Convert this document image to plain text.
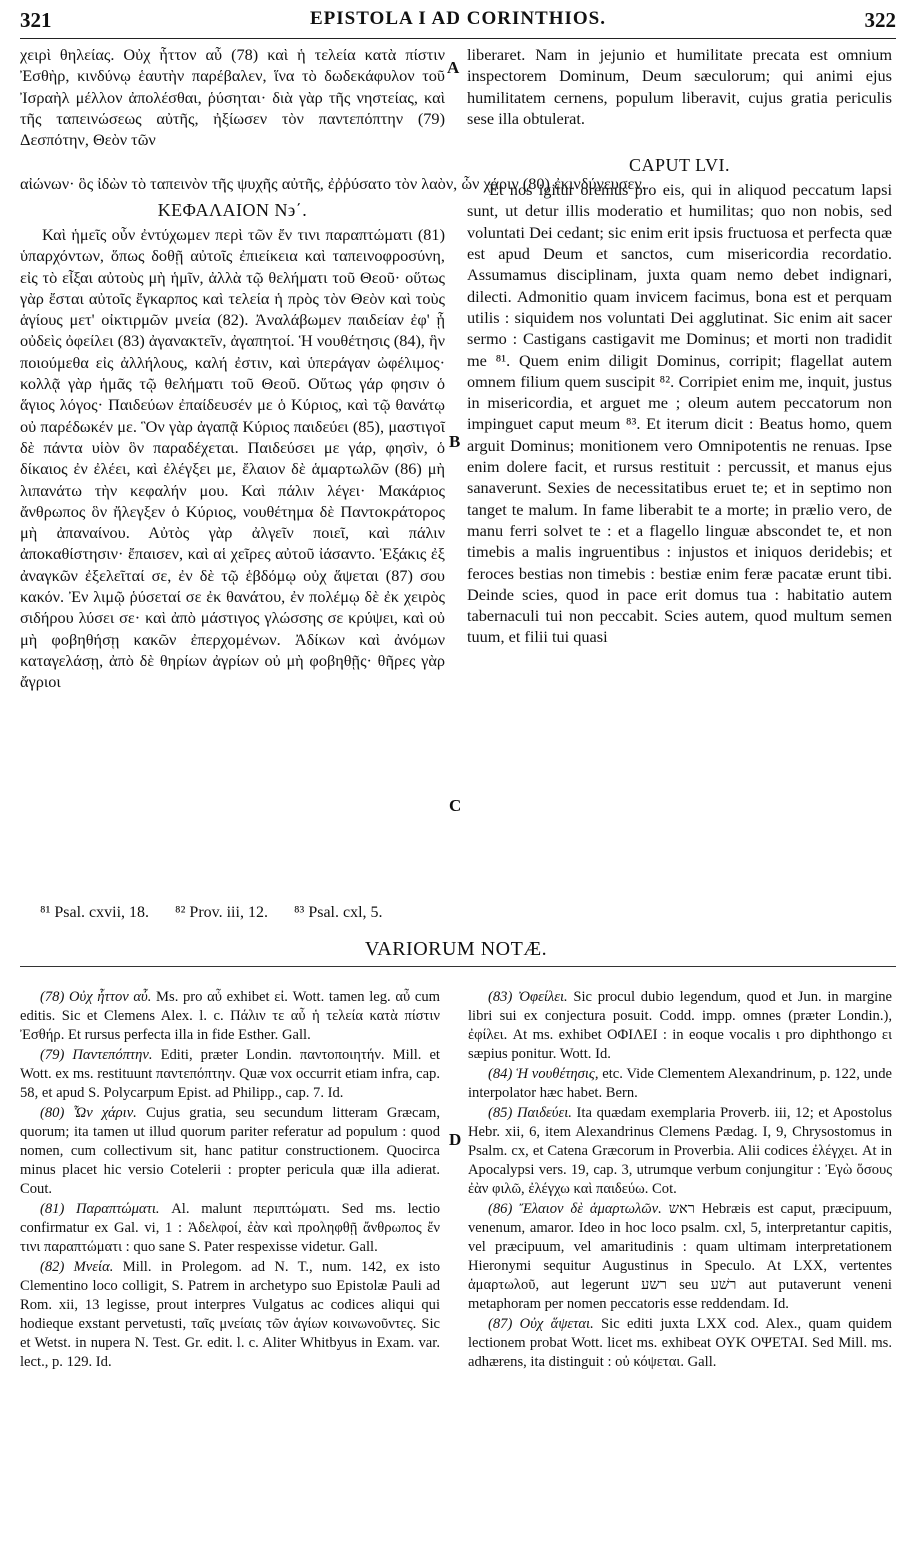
321	EPISTOLA I AD CORINTHIOS.	322

χειρὶ θηλείας. Οὐχ ἧττον αὖ (78) καὶ ἡ τελεία κατὰ πίστιν Ἐσθὴρ, κινδύνῳ ἑαυτὴν παρέβαλεν, ἵνα τὸ δωδεκάφυλον τοῦ Ἰσραὴλ μέλλον ἀπολέσθαι, ῥύσηται· διὰ γὰρ τῆς νηστείας, καὶ τῆς ταπεινώσεως αὐτῆς, ἠξίωσεν τὸν παντεπόπτην (79) Δεσπότην, Θεὸν τῶν

αἰώνων· ὃς ἰδὼν τὸ ταπεινὸν τῆς ψυχῆς αὐτῆς, ἐῤῥύσατο τὸν λαὸν, ὧν χάριν (80) ἐκινδύνευσεν.
ΚΕΦΑΛΑΙΟΝ Ν϶΄.

Καὶ ἡμεῖς οὖν ἐντύχωμεν περὶ τῶν ἔν τινι παραπτώματι (81) ὑπαρχόντων, ὅπως δοθῇ αὐτοῖς ἐπιείκεια καὶ ταπεινοφροσύνη, εἰς τὸ εἶξαι αὐτοὺς μὴ ἡμῖν, ἀλλὰ τῷ θελήματι τοῦ Θεοῦ· οὕτως γὰρ ἔσται αὐτοῖς ἔγκαρπος καὶ τελεία ἡ πρὸς τὸν Θεὸν καὶ τοὺς ἁγίους μετ' οἰκτιρμῶν μνεία (82). Ἀναλάβωμεν παιδείαν ἐφ' ᾗ οὐδεὶς ὀφείλει (83) ἀγανακτεῖν, ἀγαπητοί. Ἡ νουθέτησις (84), ἣν ποιούμεθα εἰς ἀλλήλους, καλή ἐστιν, καὶ ὑπεράγαν ὠφέλιμος· κολλᾷ γὰρ ἡμᾶς τῷ θελήματι τοῦ Θεοῦ. Οὕτως γάρ φησιν ὁ ἅγιος λόγος· Παιδεύων ἐπαίδευσέν με ὁ Κύριος, καὶ τῷ θανάτῳ οὐ παρέδωκέν με. Ὃν γὰρ ἀγαπᾷ Κύριος παιδεύει (85), μαστιγοῖ δὲ πάντα υἱὸν ὃν παραδέχεται. Παιδεύσει με γάρ, φησὶν, ὁ δίκαιος ἐν ἐλέει, καὶ ἐλέγξει με, ἔλαιον δὲ ἁμαρτωλῶν (86) μὴ λιπανάτω τὴν κεφαλήν μου. Καὶ πάλιν λέγει· Μακάριος ἄνθρωπος ὃν ἤλεγξεν ὁ Κύριος, νουθέτημα δὲ Παντοκράτορος μὴ ἀπαναίνου. Αὐτὸς γὰρ ἀλγεῖν ποιεῖ, καὶ πάλιν ἀποκαθίστησιν· ἔπαισεν, καὶ αἱ χεῖρες αὐτοῦ ἰάσαντο. Ἑξάκις ἐξ ἀναγκῶν ἐξελεῖταί σε, ἐν δὲ τῷ ἑβδόμῳ οὐχ ἅψεται (87) σου κακόν. Ἐν λιμῷ ῥύσεταί σε ἐκ θανάτου, ἐν πολέμῳ δὲ ἐκ χειρὸς σιδήρου λύσει σε· καὶ ἀπὸ μάστιγος γλώσσης σε κρύψει, καὶ οὐ μὴ φοβηθήσῃ κακῶν ἐπερχομένων. Ἀδίκων καὶ ἀνόμων καταγελάσῃ, ἀπὸ δὲ θηρίων ἀγρίων οὐ μὴ φοβηθῇς· θῆρες γὰρ ἄγριοι

liberaret. Nam in jejunio et humilitate precata est omnium inspectorem Dominum, Deum sæculorum; qui animi ejus humilitatem cernens, populum liberavit, cujus gratia periculis sese illa obtulerat.

CAPUT LVI.

Et nos igitur oremus pro eis, qui in aliquod peccatum lapsi sunt, ut detur illis moderatio et humilitas; quo non nobis, sed voluntati Dei cedant; sic enim erit ipsis fructuosa et perfecta quæ est apud Deum et sanctos, cum misericordia recordatio. Assumamus disciplinam, juxta quam nemo debet indignari, dilecti. Admonitio quam invicem facimus, bona est et perquam utilis : siquidem nos voluntati Dei agglutinat. Sic enim ait sacer sermo : Castigans castigavit me Dominus; et morti non tradidit me ⁸¹. Quem enim diligit Dominus, corripit; flagellat autem omnem filium quem suscipit ⁸². Corripiet enim me, inquit, justus in misericordia, et arguet me ; oleum autem peccatorum non impinguet caput meum ⁸³. Et iterum dicit : Beatus homo, quem arguit Dominus; monitionem vero Omnipotentis ne renuas. Ipse enim dolere facit, et rursus restituit : percussit, et manus ejus sanaverunt. Sexies de necessitatibus eruet te; et in septimo non tanget te malum. In fame liberabit te a morte; in prælio vero, de manu ferri solvet te : et a flagello linguæ abscondet te, et non timebis a malis ingruentibus : injustos et iniquos deridebis; et feroces bestias non timebis : bestiæ enim feræ pacatæ erunt tibi. Deinde scies, quod in pace erit domus tua : habitatio autem tabernaculi tui non peccabit. Scies autem, quod multum semen tuum, et filii tui quasi

A
B
C
D
⁸¹ Psal. cxvii, 18. ⁸² Prov. iii, 12. ⁸³ Psal. cxl, 5.
VARIORUM NOTÆ.

(78) Οὐχ ἧττον αὖ. Ms. pro αὖ exhibet εἰ. Wott. tamen leg. αὖ cum editis. Sic et Clemens Alex. l. c. Πάλιν τε αὖ ἡ τελεία κατὰ πίστιν Ἐσθήρ. Et rursus perfecta illa in fide Esther. Gall.

(79) Παντεπόπτην. Editi, præter Londin. παντοποιητήν. Mill. et Wott. ex ms. restituunt παντεπόπτην. Quæ vox occurrit etiam infra, cap. 58, et apud S. Polycarpum Epist. ad Philipp., cap. 7. Id.

(80) Ὧν χάριν. Cujus gratia, seu secundum litteram Græcam, quorum; ita tamen ut illud quorum pariter referatur ad populum : quod nomen, cum collectivum sit, hanc patitur constructionem. Quocirca minus placet hic versio Cotelerii : propter pericula quæ illa adierat. Cout.

(81) Παραπτώματι. Al. malunt περιπτώματι. Sed ms. lectio confirmatur ex Gal. vi, 1 : Ἀδελφοί, ἐὰν καὶ προληφθῇ ἄνθρωπος ἔν τινι παραπτώματι : quo sane S. Pater respexisse videtur. Gall.

(82) Μνεία. Mill. in Prolegom. ad N. T., num. 142, ex isto Clementino loco colligit, S. Patrem in archetypo suo Epistolæ Pauli ad Rom. xii, 13 legisse, prout interpres Vulgatus ac codices aliqui qui hodieque exstant pervetusti, ταῖς μνείαις τῶν ἁγίων κοινωνοῦντες. Sic et Wetst. in nupera N. Test. Gr. edit. l. c. Aliter Whitbyus in Exam. var. lect., p. 129. Id.

(83) Ὀφείλει. Sic procul dubio legendum, quod et Jun. in margine libri sui ex conjectura posuit. Codd. impp. omnes (præter Londin.), ἐφίλει. At ms. exhibet ΟΦΙΛΕΙ : in eoque vocalis ι pro diphthongo ει sæpius ponitur. Wott. Id.

(84) Ἡ νουθέτησις, etc. Vide Clementem Alexandrinum, p. 122, unde interpolator hæc habet. Bern.

(85) Παιδεύει. Ita quædam exemplaria Proverb. iii, 12; et Apostolus Hebr. xii, 6, item Alexandrinus Clemens Pædag. I, 9, Chrysostomus in Psalm. cx, et Catena Græcorum in Proverbia. Alii codices ἐλέγχει. At in Apocalypsi vers. 19, cap. 3, utrumque verbum conjungitur : Ἐγὼ ὅσους ἐὰν φιλῶ, ἐλέγχω καὶ παιδεύω. Cot.

(86) Ἔλαιον δὲ ἁμαρτωλῶν. ראש Hebræis est caput, præcipuum, venenum, amaror. Ideo in hoc loco psalm. cxl, 5, interpretantur capitis, vel præcipuum, vel amaritudinis : quam ultimam interpretationem Hieronymi sequitur Augustinus in Speculo. At LXX, vertentes ἁμαρτωλοῦ, aut legerunt רשע seu רשׁע aut putaverunt veneni metaphoram per nomen peccatoris esse reddendam. Id.

(87) Οὐχ ἅψεται. Sic editi juxta LXX cod. Alex., quam quidem lectionem probat Wott. licet ms. exhibeat ΟΥΚ ΟΨΕΤΑΙ. Sed Mill. ms. adhærens, ita distinguit : οὐ κόψεται. Gall.
